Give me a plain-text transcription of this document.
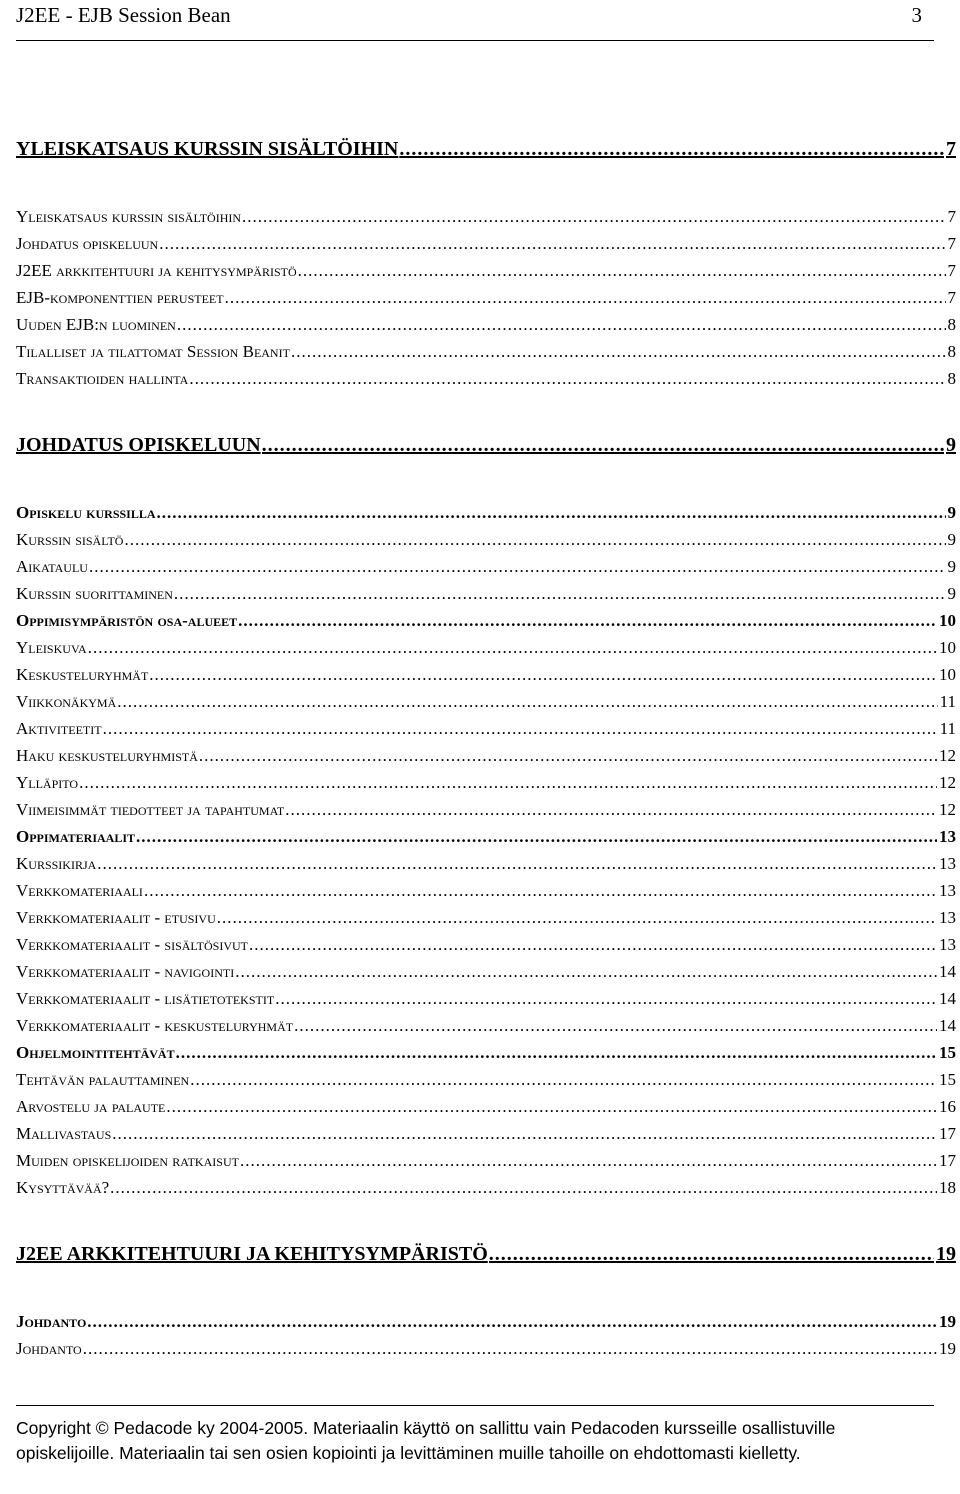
J2EE - EJB Session Bean	3
YLEISKATSAUS KURSSIN SISÄLTÖIHIN .....	7
Yleiskatsaus kurssin sisältöihin .....	7
Johdatus opiskeluun .....	7
J2EE arkkitehtuuri ja kehitysympäristö .....	7
EJB-komponenttien perusteet .....	7
Uuden EJB:n luominen .....	8
Tilalliset ja tilattomat Session Beanit .....	8
Transaktioiden hallinta .....	8
JOHDATUS OPISKELUUN .....	9
Opiskelu kurssilla .....	9
Kurssin sisältö .....	9
Aikataulu .....	9
Kurssin suorittaminen .....	9
Oppimisympäristön osa-alueet .....	10
Yleiskuva .....	10
Keskusteluryhmät .....	10
Viikkonäkymä .....	11
Aktiviteetit .....	11
Haku keskusteluryhmistä .....	12
Ylläpito .....	12
Viimeisimmät tiedotteet ja tapahtumat .....	12
Oppimateriaalit .....	13
Kurssikirja .....	13
Verkkomateriaali .....	13
Verkkomateriaalit - etusivu .....	13
Verkkomateriaalit - sisältösivut .....	13
Verkkomateriaalit - navigointi .....	14
Verkkomateriaalit - lisätietotekstit .....	14
Verkkomateriaalit - keskusteluryhmät .....	14
Ohjelmointitehtävät .....	15
Tehtävän palauttaminen .....	15
Arvostelu ja palaute .....	16
Mallivastaus .....	17
Muiden opiskelijoiden ratkaisut .....	17
Kysyttävää? .....	18
J2EE ARKKITEHTUURI JA KEHITYSYMPÄRISTÖ .....	19
Johdanto .....	19
Johdanto .....	19
Copyright © Pedacode ky 2004-2005. Materiaalin käyttö on sallittu vain Pedacoden kursseille osallistuville opiskelijoille. Materiaalin tai sen osien kopiointi ja levittäminen muille tahoille on ehdottomasti kielletty.
